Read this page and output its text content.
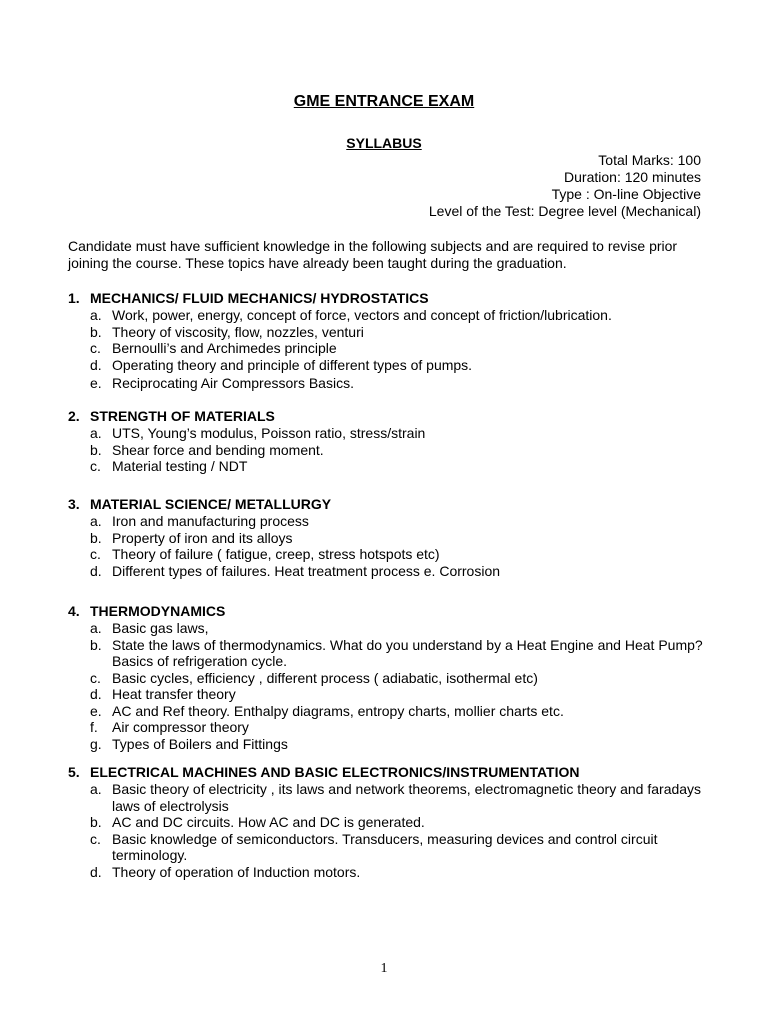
GME ENTRANCE EXAM
SYLLABUS
Total Marks: 100
Duration: 120 minutes
Type : On-line Objective
Level of the Test: Degree level (Mechanical)
Candidate must have sufficient knowledge in the following subjects and are required to revise prior joining the course. These topics have already been taught during the graduation.
1. MECHANICS/ FLUID MECHANICS/ HYDROSTATICS
a. Work, power, energy, concept of force, vectors and concept of friction/lubrication.
b. Theory of viscosity, flow, nozzles, venturi
c. Bernoulli’s and Archimedes principle
d. Operating theory and principle of different types of pumps.
e. Reciprocating Air Compressors Basics.
2. STRENGTH OF MATERIALS
a. UTS, Young’s modulus, Poisson ratio, stress/strain
b. Shear force and bending moment.
c. Material testing / NDT
3. MATERIAL SCIENCE/ METALLURGY
a. Iron and manufacturing process
b. Property of iron and its alloys
c. Theory of failure ( fatigue, creep, stress hotspots etc)
d. Different types of failures. Heat treatment process e. Corrosion
4. THERMODYNAMICS
a. Basic gas laws,
b. State the laws of thermodynamics. What do you understand by a Heat Engine and Heat Pump? Basics of refrigeration cycle.
c. Basic cycles, efficiency , different process ( adiabatic, isothermal etc)
d. Heat transfer theory
e. AC and Ref theory. Enthalpy diagrams, entropy charts, mollier charts etc.
f.	Air compressor theory
g. Types of Boilers and Fittings
5. ELECTRICAL MACHINES AND BASIC ELECTRONICS/INSTRUMENTATION
a. Basic theory of electricity , its laws and network theorems, electromagnetic theory and faradays laws of electrolysis
b. AC and DC circuits. How AC and DC is generated.
c. Basic knowledge of semiconductors. Transducers, measuring devices and control circuit terminology.
d. Theory of operation of Induction motors.
1
